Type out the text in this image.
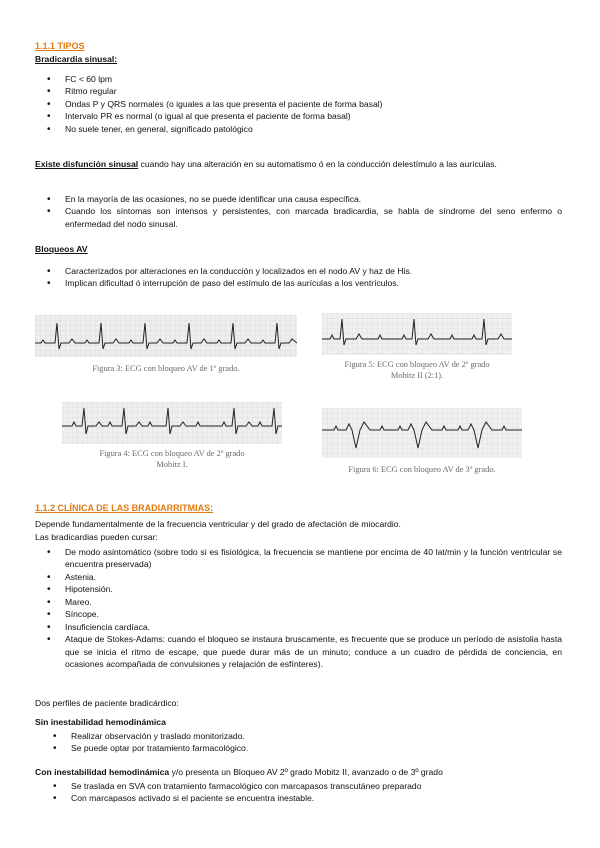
1.1.1 TIPOS
Bradicardia sinusal:
• FC < 60 lpm
• Ritmo regular
• Ondas P y QRS normales (o iguales a las que presenta el paciente de forma basal)
• Intervalo PR es normal (o igual al que presenta el paciente de forma basal)
• No suele tener, en general, significado patológico
Existe disfunción sinusal cuando hay una alteración en su automatismo ó en la conducción delestímulo a las aurículas.
• En la mayoría de las ocasiones, no se puede identificar una causa específica.
• Cuando los síntomas son intensos y persistentes, con marcada bradicardia, se habla de síndrome del seno enfermo o enfermedad del nodo sinusal.
Bloqueos AV
• Caracterizados por alteraciones en la conducción y localizados en el nodo AV y haz de His.
• Implican dificultad ó interrupción de paso del estímulo de las aurículas a los ventrículos.
Figura 3: ECG con bloqueo AV de 1º grado.	Figura 5: ECG con bloqueo AV de 2º grado
Mobitz II (2:1).
Figura 4: ECG con bloqueo AV de 2º grado
Mobitz I.
Figura 6: ECG con bloqueo AV de 3º grado.
1.1.2 CLÍNICA DE LAS BRADIARRITMIAS:
Depende fundamentalmente de la frecuencia ventricular y del grado de afectación de miocardio.
Las bradicardias pueden cursar:
• De modo asintomático (sobre todo si es fisiológica, la frecuencia se mantiene por encima de 40 lat/min y la función ventricular se encuentra preservada)
• Astenia.
• Hipotensión.
• Mareo.
• Síncope.
• Insuficiencia cardíaca.
• Ataque de Stokes-Adams: cuando el bloqueo se instaura bruscamente, es frecuente que se produce un período de asistolia hasta que se inicia el ritmo de escape, que puede durar más de un minuto; conduce a un cuadro de pérdida de conciencia, en ocasiones acompañada de convulsiones y relajación de esfínteres).
Dos perfiles de paciente bradicárdico:
Sin inestabilidad hemodinámica
• Realizar observación y traslado monitorizado.
• Se puede optar por tratamiento farmacológico.
Con inestabilidad hemodinámica y/o presenta un Bloqueo AV 2º grado Mobitz II, avanzado o de 3º grado
• Se traslada en SVA con tratamiento farmacológico con marcapasos transcutáneo preparado
• Con marcapasos activado si el paciente se encuentra inestable.
